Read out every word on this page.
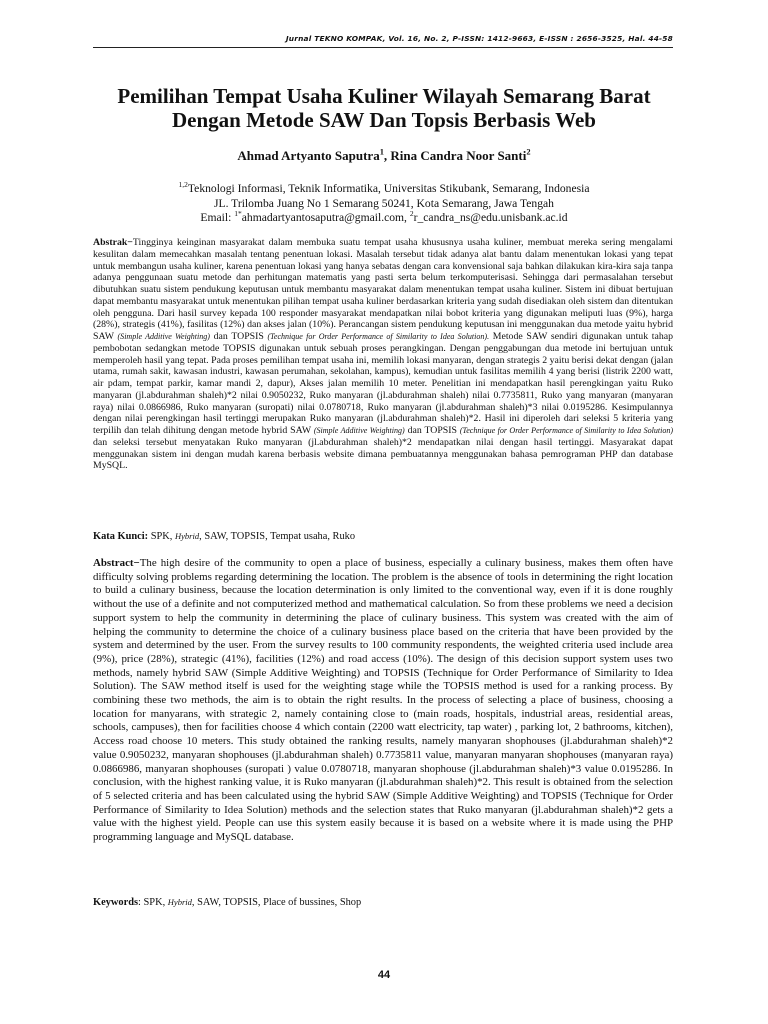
Jurnal TEKNO KOMPAK, Vol. 16, No. 2, P-ISSN: 1412-9663, E-ISSN : 2656-3525, Hal. 44-58
Pemilihan Tempat Usaha Kuliner Wilayah Semarang Barat
Dengan Metode SAW Dan Topsis Berbasis Web
Ahmad Artyanto Saputra$^1$, Rina Candra Noor Santi$^2$
$^{1,2}$Teknologi Informasi, Teknik Informatika, Universitas Stikubank, Semarang, Indonesia
JL. Trilomba Juang No 1 Semarang 50241, Kota Semarang, Jawa Tengah
Email: $^{1*}$ahmadartyantosaputra@gmail.com, $^2$r_candra_ns@edu.unisbank.ac.id

Abstrak−Tingginya keinginan masyarakat dalam membuka suatu tempat usaha khususnya usaha kuliner, membuat mereka sering mengalami kesulitan dalam memecahkan masalah tentang penentuan lokasi. Masalah tersebut tidak adanya alat bantu dalam menentukan lokasi yang tepat untuk membangun usaha kuliner, karena penentuan lokasi yang hanya sebatas dengan cara konvensional saja bahkan dilakukan kira-kira saja tanpa adanya penggunaan suatu metode dan perhitungan matematis yang pasti serta belum terkomputerisasi. Sehingga dari permasalahan tersebut dibutuhkan suatu sistem pendukung keputusan untuk membantu masyarakat dalam menentukan tempat usaha kuliner. Sistem ini dibuat bertujuan dapat membantu masyarakat untuk menentukan pilihan tempat usaha kuliner berdasarkan kriteria yang sudah disediakan oleh sistem dan ditentukan oleh pengguna. Dari hasil survey kepada 100 responder masyarakat mendapatkan nilai bobot kriteria yang digunakan meliputi luas (9%), harga (28%), strategis (41%), fasilitas (12%) dan akses jalan (10%). Perancangan sistem pendukung keputusan ini menggunakan dua metode yaitu hybrid SAW (Simple Additive Weighting) dan TOPSIS (Technique for Order Performance of Similarity to Idea Solution). Metode SAW sendiri digunakan untuk tahap pembobotan sedangkan metode TOPSIS digunakan untuk sebuah proses perangkingan. Dengan penggabungan dua metode ini bertujuan untuk memperoleh hasil yang tepat. Pada proses pemilihan tempat usaha ini, memilih lokasi manyaran, dengan strategis 2 yaitu berisi dekat dengan (jalan utama, rumah sakit, kawasan industri, kawasan perumahan, sekolahan, kampus), kemudian untuk fasilitas memilih 4 yang berisi (listrik 2200 watt, air pdam, tempat parkir, kamar mandi 2, dapur), Akses jalan memilih 10 meter. Penelitian ini mendapatkan hasil perengkingan yaitu Ruko manyaran (jl.abdurahman shaleh)*2 nilai 0.9050232, Ruko manyaran (jl.abdurahman shaleh) nilai 0.7735811, Ruko yang manyaran (manyaran raya) nilai 0.0866986, Ruko manyaran (suropati) nilai 0.0780718, Ruko manyaran (jl.abdurahman shaleh)*3 nilai 0.0195286. Kesimpulannya dengan nilai perengkingan hasil tertinggi merupakan Ruko manyaran (jl.abdurahman shaleh)*2. Hasil ini diperoleh dari seleksi 5 kriteria yang terpilih dan telah dihitung dengan metode hybrid SAW (Simple Additive Weighting) dan TOPSIS (Technique for Order Performance of Similarity to Idea Solution) dan seleksi tersebut menyatakan Ruko manyaran (jl.abdurahman shaleh)*2 mendapatkan nilai dengan hasil tertinggi. Masyarakat dapat menggunakan sistem ini dengan mudah karena berbasis website dimana pembuatannya menggunakan bahasa pemrograman PHP dan database MySQL.

Kata Kunci: SPK, Hybrid, SAW, TOPSIS, Tempat usaha, Ruko

Abstract−The high desire of the community to open a place of business, especially a culinary business, makes them often have difficulty solving problems regarding determining the location. The problem is the absence of tools in determining the right location to build a culinary business, because the location determination is only limited to the conventional way, even if it is done roughly without the use of a definite and not computerized method and mathematical calculation. So from these problems we need a decision support system to help the community in determining the place of culinary business. This system was created with the aim of helping the community to determine the choice of a culinary business place based on the criteria that have been provided by the system and determined by the user. From the survey results to 100 community respondents, the weighted criteria used include area (9%), price (28%), strategic (41%), facilities (12%) and road access (10%). The design of this decision support system uses two methods, namely hybrid SAW (Simple Additive Weighting) and TOPSIS (Technique for Order Performance of Similarity to Idea Solution). The SAW method itself is used for the weighting stage while the TOPSIS method is used for a ranking process. By combining these two methods, the aim is to obtain the right results. In the process of selecting a place of business, choosing a location for manyarans, with strategic 2, namely containing close to (main roads, hospitals, industrial areas, residential areas, schools, campuses), then for facilities choose 4 which contain (2200 watt electricity, tap water) , parking lot, 2 bathrooms, kitchen), Access road choose 10 meters. This study obtained the ranking results, namely manyaran shophouses (jl.abdurahman shaleh)*2 value 0.9050232, manyaran shophouses (jl.abdurahman shaleh) 0.7735811 value, manyaran manyaran shophouses (manyaran raya) 0.0866986, manyaran shophouses (suropati ) value 0.0780718, manyaran shophouse (jl.abdurahman shaleh)*3 value 0.0195286. In conclusion, with the highest ranking value, it is Ruko manyaran (jl.abdurahman shaleh)*2. This result is obtained from the selection of 5 selected criteria and has been calculated using the hybrid SAW (Simple Additive Weighting) and TOPSIS (Technique for Order Performance of Similarity to Idea Solution) methods and the selection states that Ruko manyaran (jl.abdurahman shaleh)*2 gets a value with the highest yield. People can use this system easily because it is based on a website where it is made using the PHP programming language and MySQL database.

Keywords: SPK, Hybrid, SAW, TOPSIS, Place of bussines, Shop

44
